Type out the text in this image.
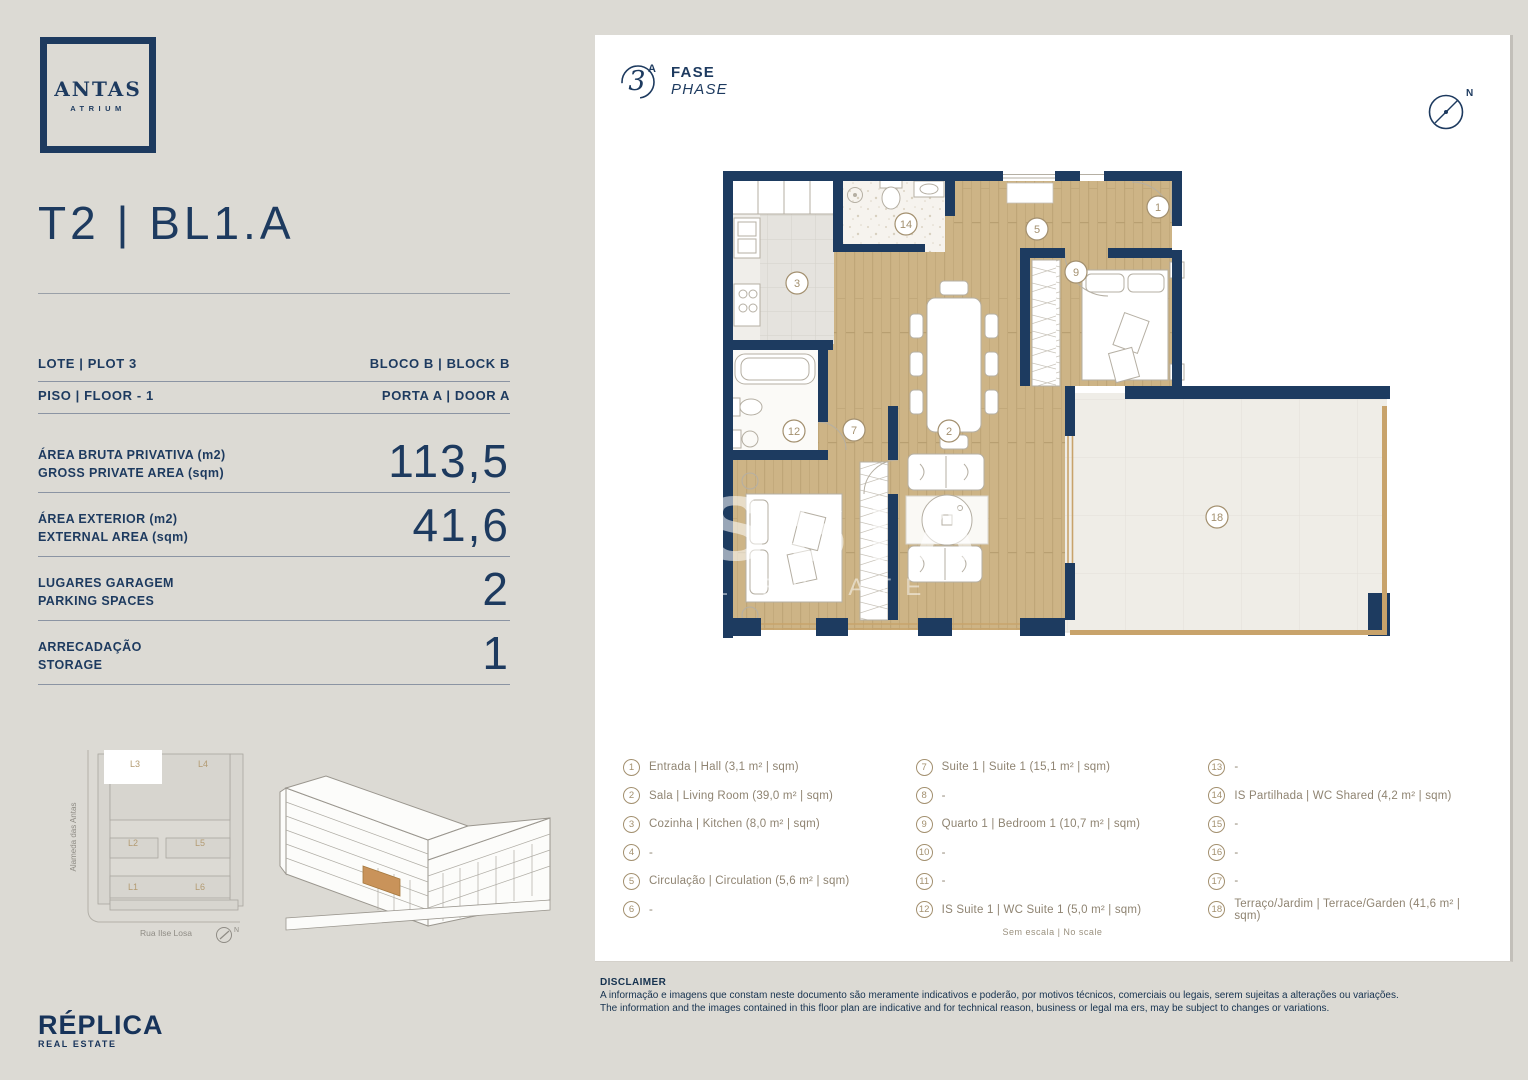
ANTAS
ATRIUM
T2 | BL1.A
LOTE | PLOT 3	BLOCO B | BLOCK B
PISO | FLOOR - 1	PORTA A | DOOR A
ÁREA BRUTA PRIVATIVA (m2)
GROSS PRIVATE AREA (sqm)	113,5
ÁREA EXTERIOR (m2)
EXTERNAL AREA (sqm)	41,6
LUGARES GARAGEM
PARKING SPACES	2
ARRECADAÇÃO
STORAGE	1
L3	L4
L2	L5
L1	L6
Alameda das Antas
Rua Ilse Losa	N
RÉPLICA
REAL ESTATE
3 A FASE
PHASE	N
1
5
14
3
9
12	7	2
18
ESSIA
REAL ESTATE
1	Entrada | Hall (3,1 m² | sqm)
2	Sala | Living Room (39,0 m² | sqm)
3	Cozinha | Kitchen (8,0 m² | sqm)
4	-
5	Circulação | Circulation (5,6 m² | sqm)
6	-
7	Suite 1 | Suite 1 (15,1 m² | sqm)
8	-
9	Quarto 1 | Bedroom 1 (10,7 m² | sqm)
10 -
11	-
12 IS Suite 1 | WC Suite 1 (5,0 m² | sqm)
13 -
14 IS Partilhada | WC Shared (4,2 m² | sqm)
15 -
16 -
17 -
18 Terraço/Jardim | Terrace/Garden (41,6 m² | sqm)
Sem escala | No scale
DISCLAIMER
A informação e imagens que constam neste documento são meramente indicativos e poderão, por motivos técnicos, comerciais ou legais, serem sujeitas a alterações ou variações.
The information and the images contained in this floor plan are indicative and for technical reason, business or legal ma ers, may be subject to changes or variations.
